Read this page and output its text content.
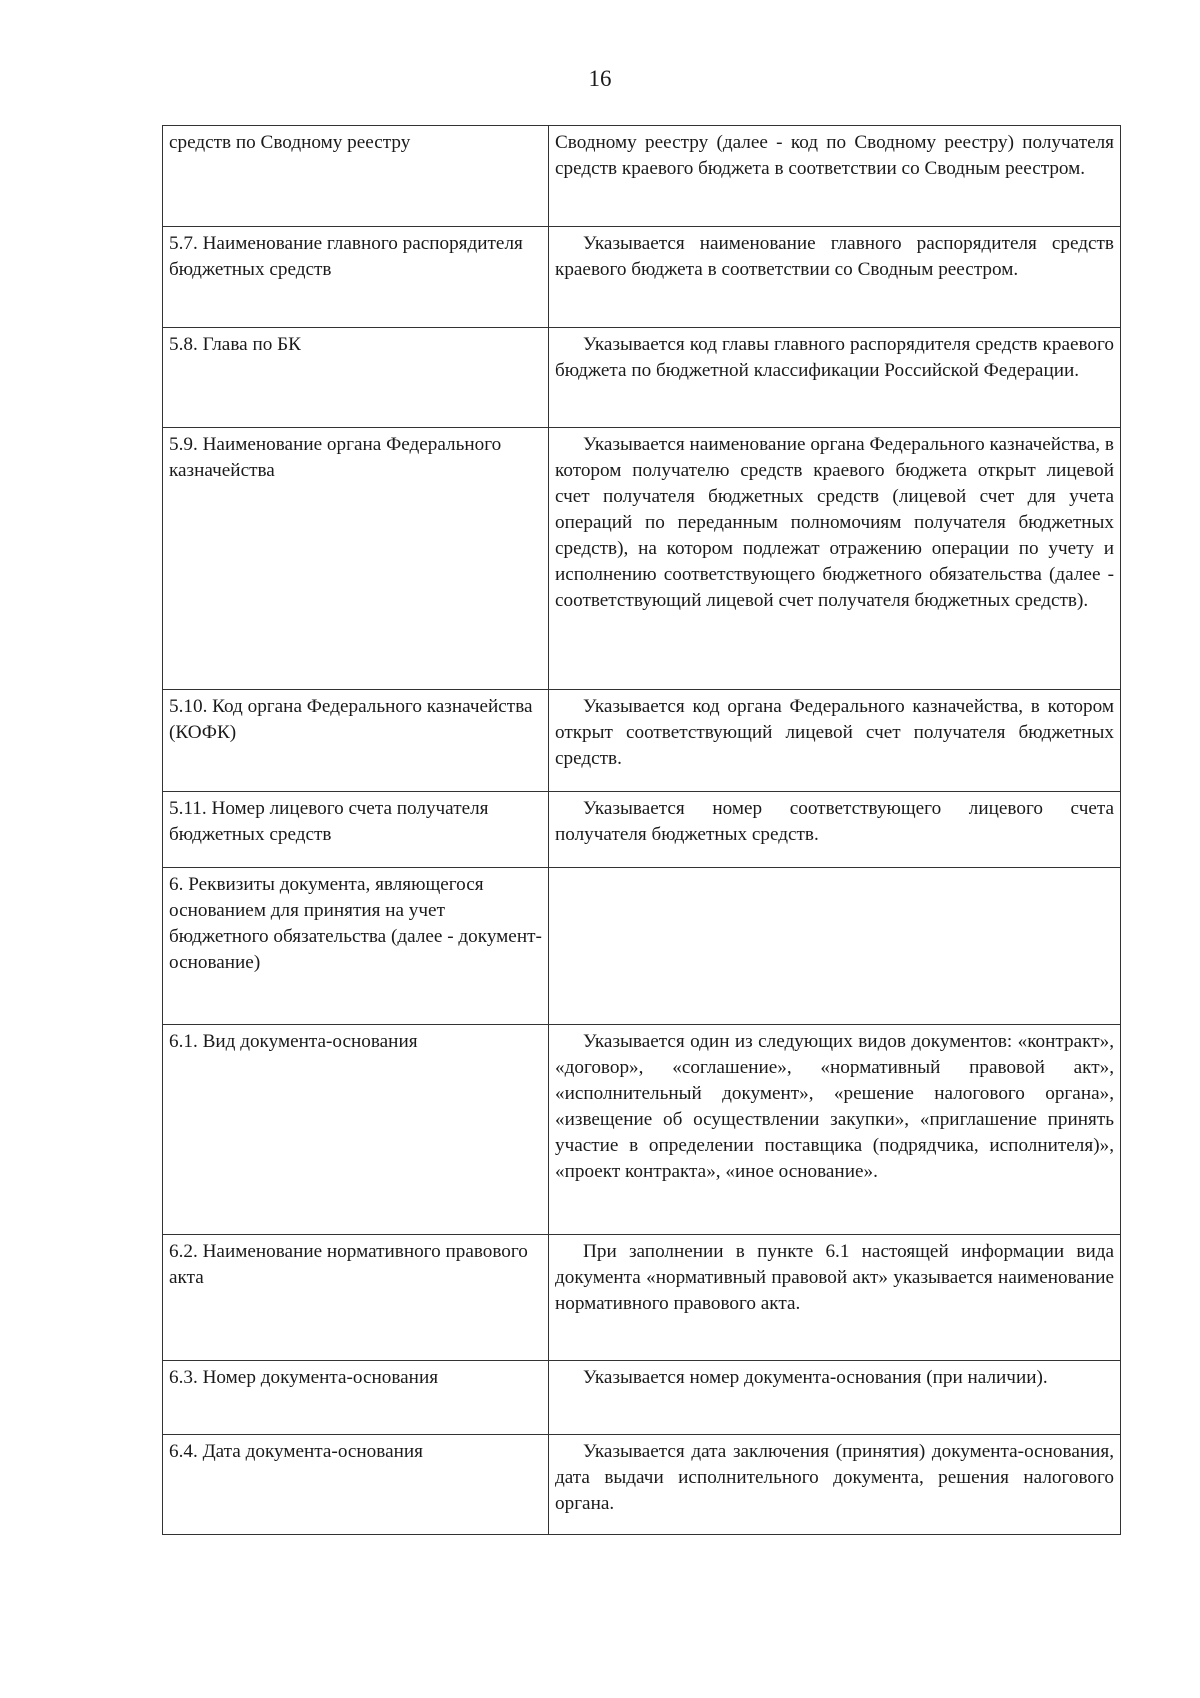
16
средств по Сводному реестру	Сводному реестру (далее - код по Сводному реестру) получателя средств краевого бюджета в соответствии со Сводным реестром.
5.7. Наименование главного распорядителя бюджетных средств	Указывается наименование главного распорядителя средств краевого бюджета в соответствии со Сводным реестром.
5.8. Глава по БК	Указывается код главы главного распорядителя средств краевого бюджета по бюджетной классификации Российской Федерации.
5.9. Наименование органа Федерального казначейства	Указывается наименование органа Федерального казначейства, в котором получателю средств краевого бюджета открыт лицевой счет получателя бюджетных средств (лицевой счет для учета операций по переданным полномочиям получателя бюджетных средств), на котором подлежат отражению операции по учету и исполнению соответствующего бюджетного обязательства (далее - соответствующий лицевой счет получателя бюджетных средств).
5.10. Код органа Федерального казначейства (КОФК)	Указывается код органа Федерального казначейства, в котором открыт соответствующий лицевой счет получателя бюджетных средств.
5.11. Номер лицевого счета получателя бюджетных средств	Указывается номер соответствующего лицевого счета получателя бюджетных средств.
6. Реквизиты документа, являющегося основанием для принятия на учет бюджетного обязательства (далее - документ-основание)	
6.1. Вид документа-основания	Указывается один из следующих видов документов: «контракт», «договор», «соглашение», «нормативный правовой акт», «исполнительный документ», «решение налогового органа», «извещение об осуществлении закупки», «приглашение принять участие в определении поставщика (подрядчика, исполнителя)», «проект контракта», «иное основание».
6.2. Наименование нормативного правового акта	При заполнении в пункте 6.1 настоящей информации вида документа «нормативный правовой акт» указывается наименование нормативного правового акта.
6.3. Номер документа-основания	Указывается номер документа-основания (при наличии).
6.4. Дата документа-основания	Указывается дата заключения (принятия) документа-основания, дата выдачи исполнительного документа, решения налогового органа.
